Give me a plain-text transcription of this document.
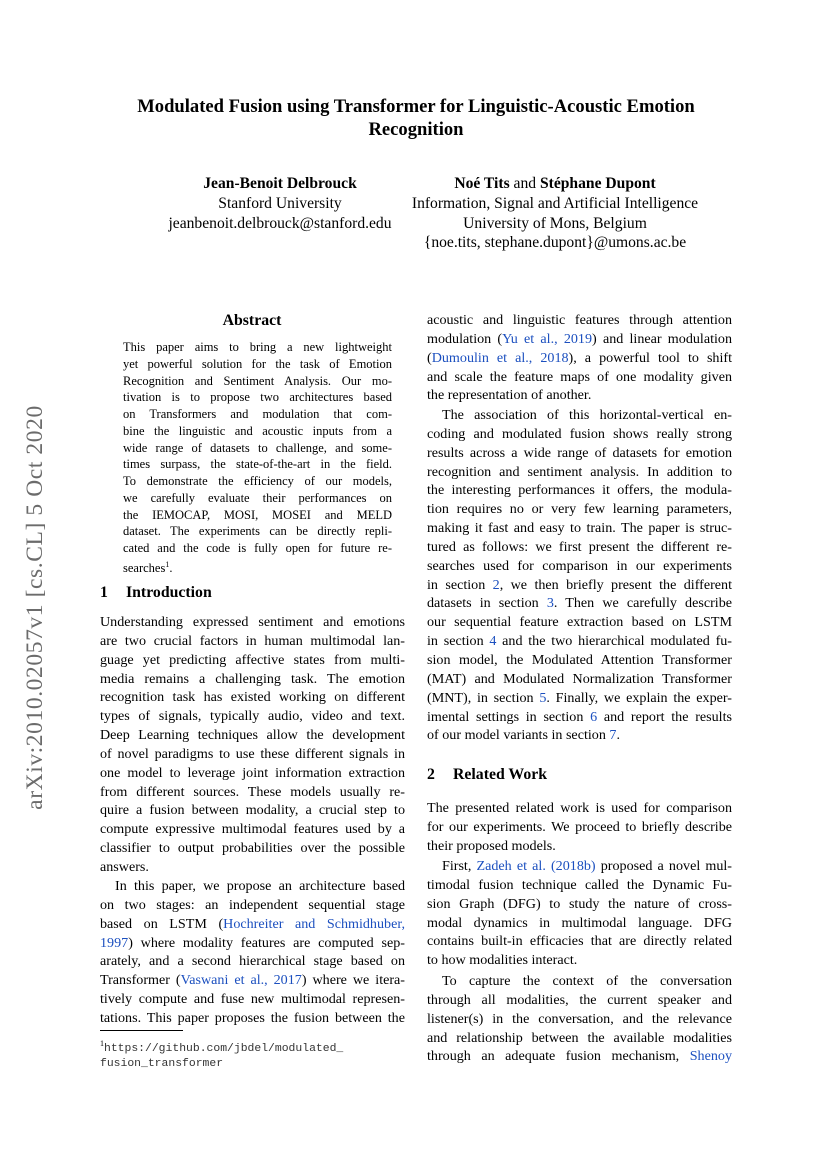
arXiv:2010.02057v1 [cs.CL] 5 Oct 2020
Modulated Fusion using Transformer for Linguistic-Acoustic Emotion
Recognition
Jean-Benoit Delbrouck
Stanford University
jeanbenoit.delbrouck@stanford.edu
Noé Tits and Stéphane Dupont
Information, Signal and Artificial Intelligence
University of Mons, Belgium
{noe.tits, stephane.dupont}@umons.ac.be
Abstract
This paper aims to bring a new lightweight
yet powerful solution for the task of Emotion
Recognition and Sentiment Analysis. Our mo-
tivation is to propose two architectures based
on Transformers and modulation that com-
bine the linguistic and acoustic inputs from a
wide range of datasets to challenge, and some-
times surpass, the state-of-the-art in the field.
To demonstrate the efficiency of our models,
we carefully evaluate their performances on
the IEMOCAP, MOSI, MOSEI and MELD
dataset. The experiments can be directly repli-
cated and the code is fully open for future re-
searches$^1$.
1 Introduction
Understanding expressed sentiment and emotions
are two crucial factors in human multimodal lan-
guage yet predicting affective states from multi-
media remains a challenging task. The emotion
recognition task has existed working on different
types of signals, typically audio, video and text.
Deep Learning techniques allow the development
of novel paradigms to use these different signals in
one model to leverage joint information extraction
from different sources. These models usually re-
quire a fusion between modality, a crucial step to
compute expressive multimodal features used by a
classifier to output probabilities over the possible
answers.
In this paper, we propose an architecture based
on two stages: an independent sequential stage
based on LSTM (Hochreiter and Schmidhuber,
1997) where modality features are computed sep-
arately, and a second hierarchical stage based on
Transformer (Vaswani et al., 2017) where we itera-
tively compute and fuse new multimodal represen-
tations. This paper proposes the fusion between the
$^1$https://github.com/jbdel/modulated_
fusion_transformer
acoustic and linguistic features through attention
modulation (Yu et al., 2019) and linear modulation
(Dumoulin et al., 2018), a powerful tool to shift
and scale the feature maps of one modality given
the representation of another.
The association of this horizontal-vertical en-
coding and modulated fusion shows really strong
results across a wide range of datasets for emotion
recognition and sentiment analysis. In addition to
the interesting performances it offers, the modula-
tion requires no or very few learning parameters,
making it fast and easy to train. The paper is struc-
tured as follows: we first present the different re-
searches used for comparison in our experiments
in section 2, we then briefly present the different
datasets in section 3. Then we carefully describe
our sequential feature extraction based on LSTM
in section 4 and the two hierarchical modulated fu-
sion model, the Modulated Attention Transformer
(MAT) and Modulated Normalization Transformer
(MNT), in section 5. Finally, we explain the exper-
imental settings in section 6 and report the results
of our model variants in section 7.
2 Related Work
The presented related work is used for comparison
for our experiments. We proceed to briefly describe
their proposed models.
First, Zadeh et al. (2018b) proposed a novel mul-
timodal fusion technique called the Dynamic Fu-
sion Graph (DFG) to study the nature of cross-
modal dynamics in multimodal language. DFG
contains built-in efficacies that are directly related
to how modalities interact.
To capture the context of the conversation
through all modalities, the current speaker and
listener(s) in the conversation, and the relevance
and relationship between the available modalities
through an adequate fusion mechanism, Shenoy
